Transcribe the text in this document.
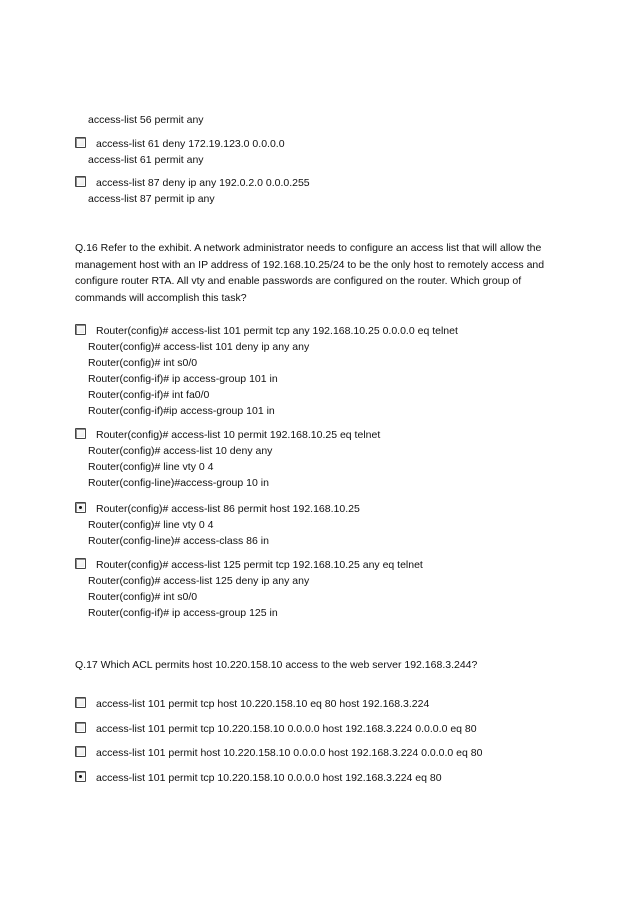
access-list 56 permit any
access-list 61 deny 172.19.123.0 0.0.0.0
access-list 61 permit any
access-list 87 deny ip any 192.0.2.0 0.0.0.255
access-list 87 permit ip any
Q.16 Refer to the exhibit. A network administrator needs to configure an access list that will allow the
management host with an IP address of 192.168.10.25/24 to be the only host to remotely access and
configure router RTA. All vty and enable passwords are configured on the router. Which group of
commands will accomplish this task?
Router(config)# access-list 101 permit tcp any 192.168.10.25 0.0.0.0 eq telnet
Router(config)# access-list 101 deny ip any any
Router(config)# int s0/0
Router(config-if)# ip access-group 101 in
Router(config-if)# int fa0/0
Router(config-if)#ip access-group 101 in
Router(config)# access-list 10 permit 192.168.10.25 eq telnet
Router(config)# access-list 10 deny any
Router(config)# line vty 0 4
Router(config-line)#access-group 10 in
Router(config)# access-list 86 permit host 192.168.10.25
Router(config)# line vty 0 4
Router(config-line)# access-class 86 in
Router(config)# access-list 125 permit tcp 192.168.10.25 any eq telnet
Router(config)# access-list 125 deny ip any any
Router(config)# int s0/0
Router(config-if)# ip access-group 125 in
Q.17 Which ACL permits host 10.220.158.10 access to the web server 192.168.3.244?
access-list 101 permit tcp host 10.220.158.10 eq 80 host 192.168.3.224
access-list 101 permit tcp 10.220.158.10 0.0.0.0 host 192.168.3.224 0.0.0.0 eq 80
access-list 101 permit host 10.220.158.10 0.0.0.0 host 192.168.3.224 0.0.0.0 eq 80
access-list 101 permit tcp 10.220.158.10 0.0.0.0 host 192.168.3.224 eq 80
